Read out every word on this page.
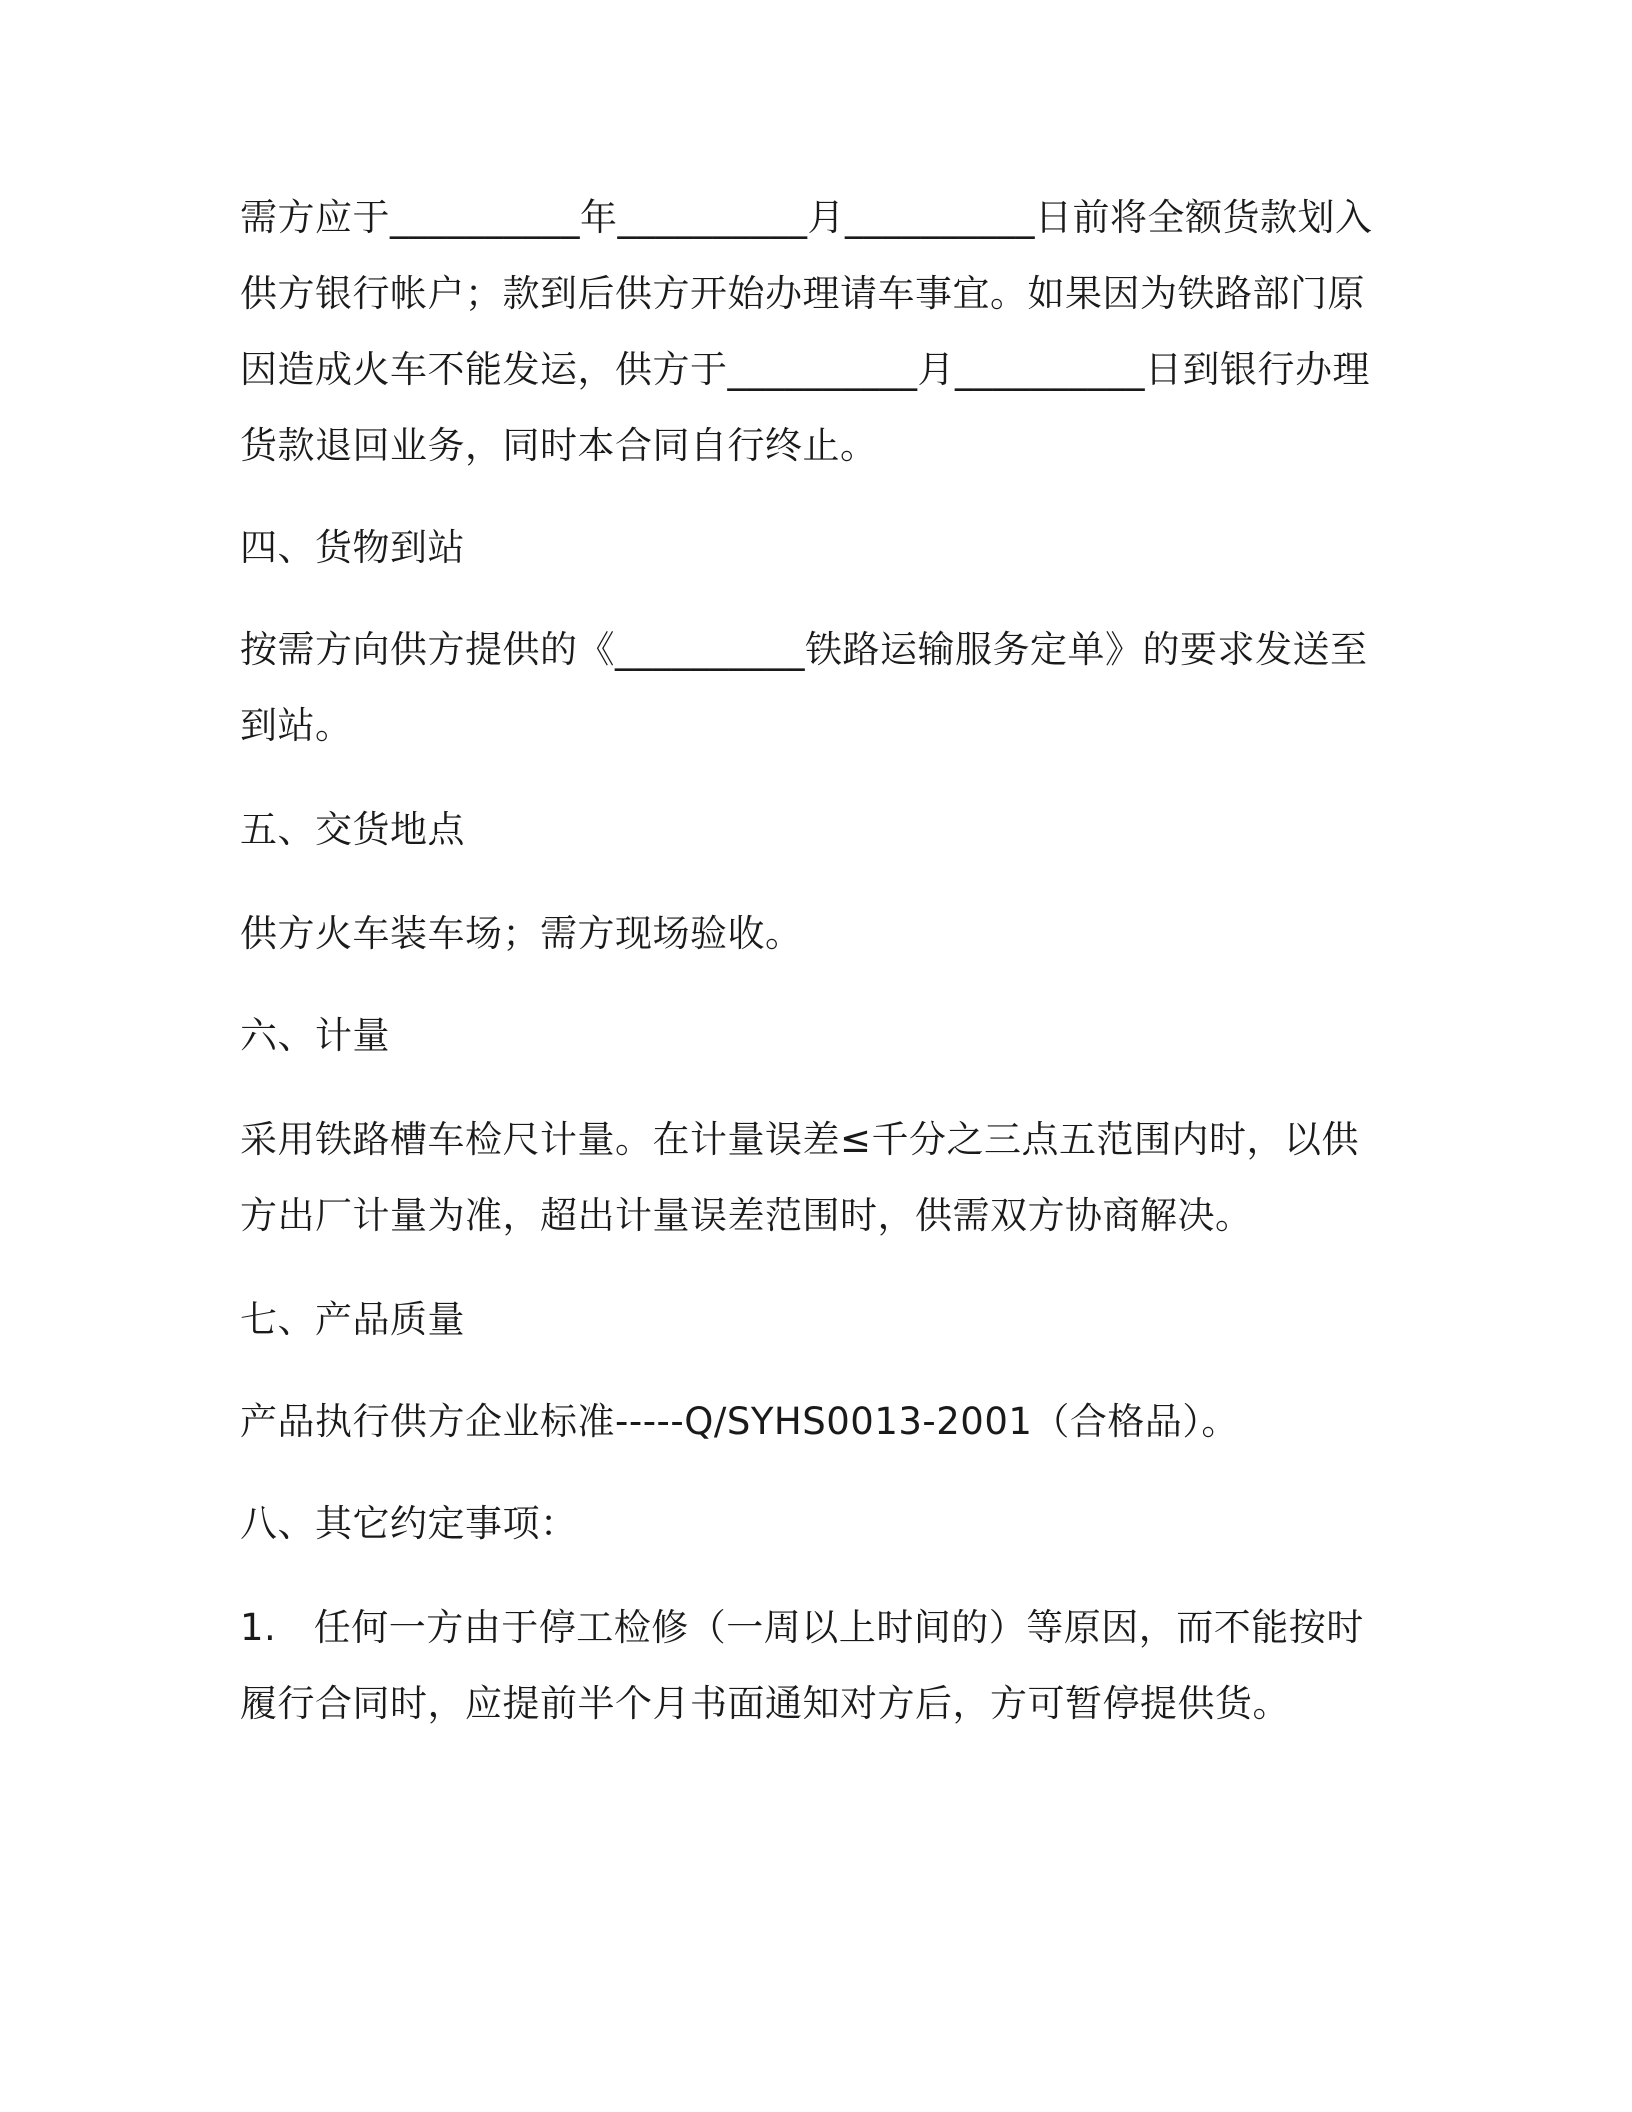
需方应于__________年__________月__________日前将全额货款划入
供方银行帐户；款到后供方开始办理请车事宜。如果因为铁路部门原
因造成火车不能发运，供方于__________月__________日到银行办理
货款退回业务，同时本合同自行终止。
四、货物到站
按需方向供方提供的《__________铁路运输服务定单》的要求发送至
到站。
五、交货地点
供方火车装车场；需方现场验收。
六、计量
采用铁路槽车检尺计量。在计量误差≤千分之三点五范围内时，以供
方出厂计量为准，超出计量误差范围时，供需双方协商解决。
七、产品质量
产品执行供方企业标准-----Q/SYHS0013-2001（合格品）。
八、其它约定事项：
1.　任何一方由于停工检修（一周以上时间的）等原因，而不能按时
履行合同时，应提前半个月书面通知对方后，方可暂停提供货。
